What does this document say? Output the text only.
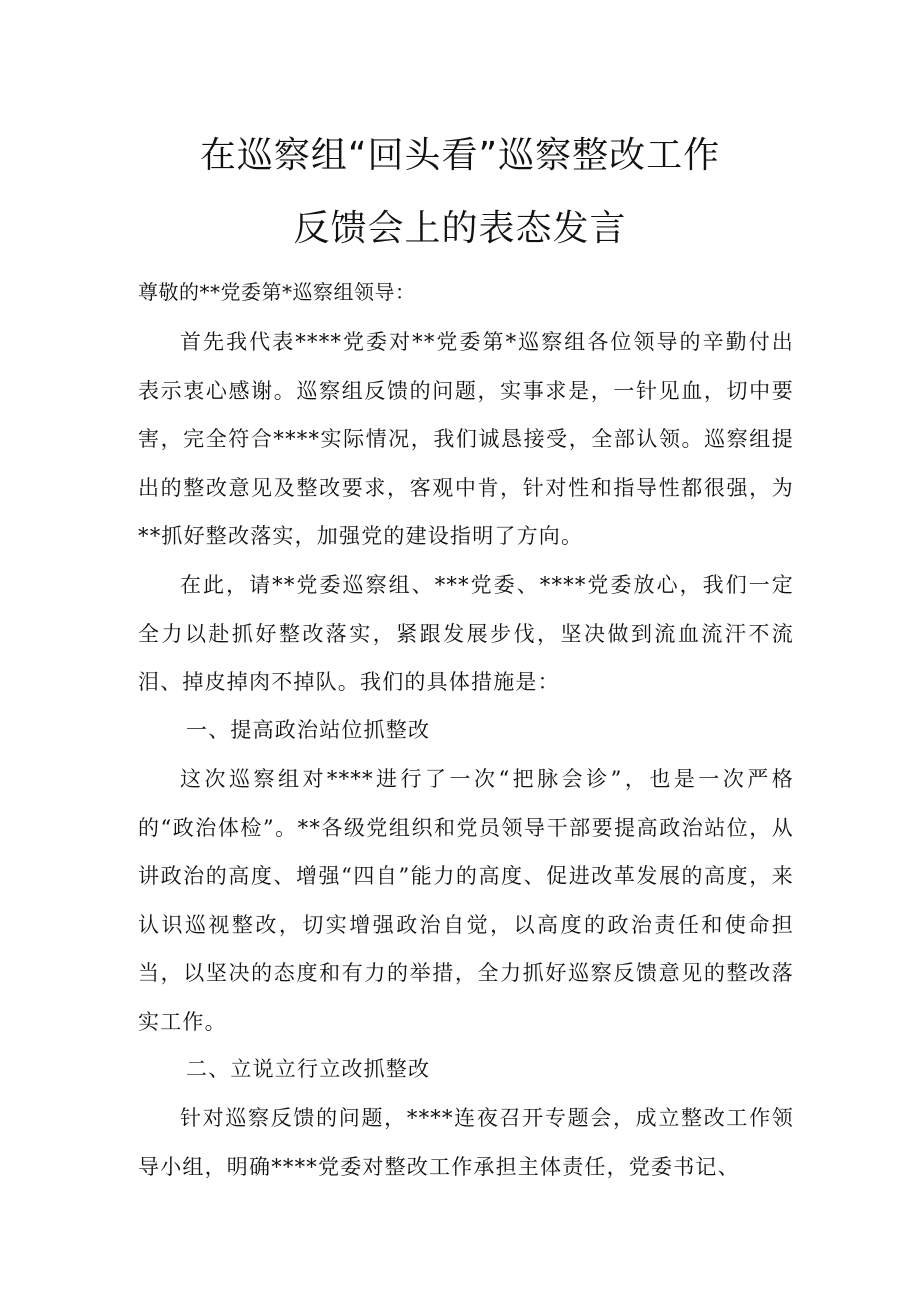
在巡察组“回头看”巡察整改工作
反馈会上的表态发言
尊敬的**党委第*巡察组领导：

首先我代表****党委对**党委第*巡察组各位领导的辛勤付出表示衷心感谢。巡察组反馈的问题，实事求是，一针见血，切中要害，完全符合****实际情况，我们诚恳接受，全部认领。巡察组提出的整改意见及整改要求，客观中肯，针对性和指导性都很强，为**抓好整改落实，加强党的建设指明了方向。

在此，请**党委巡察组、***党委、****党委放心，我们一定全力以赴抓好整改落实，紧跟发展步伐，坚决做到流血流汗不流泪、掉皮掉肉不掉队。我们的具体措施是：

一、提高政治站位抓整改

这次巡察组对****进行了一次“把脉会诊”，也是一次严格的“政治体检”。**各级党组织和党员领导干部要提高政治站位，从讲政治的高度、增强“四自”能力的高度、促进改革发展的高度，来认识巡视整改，切实增强政治自觉，以高度的政治责任和使命担当，以坚决的态度和有力的举措，全力抓好巡察反馈意见的整改落实工作。

二、立说立行立改抓整改

针对巡察反馈的问题，****连夜召开专题会，成立整改工作领导小组，明确****党委对整改工作承担主体责任，党委书记、
